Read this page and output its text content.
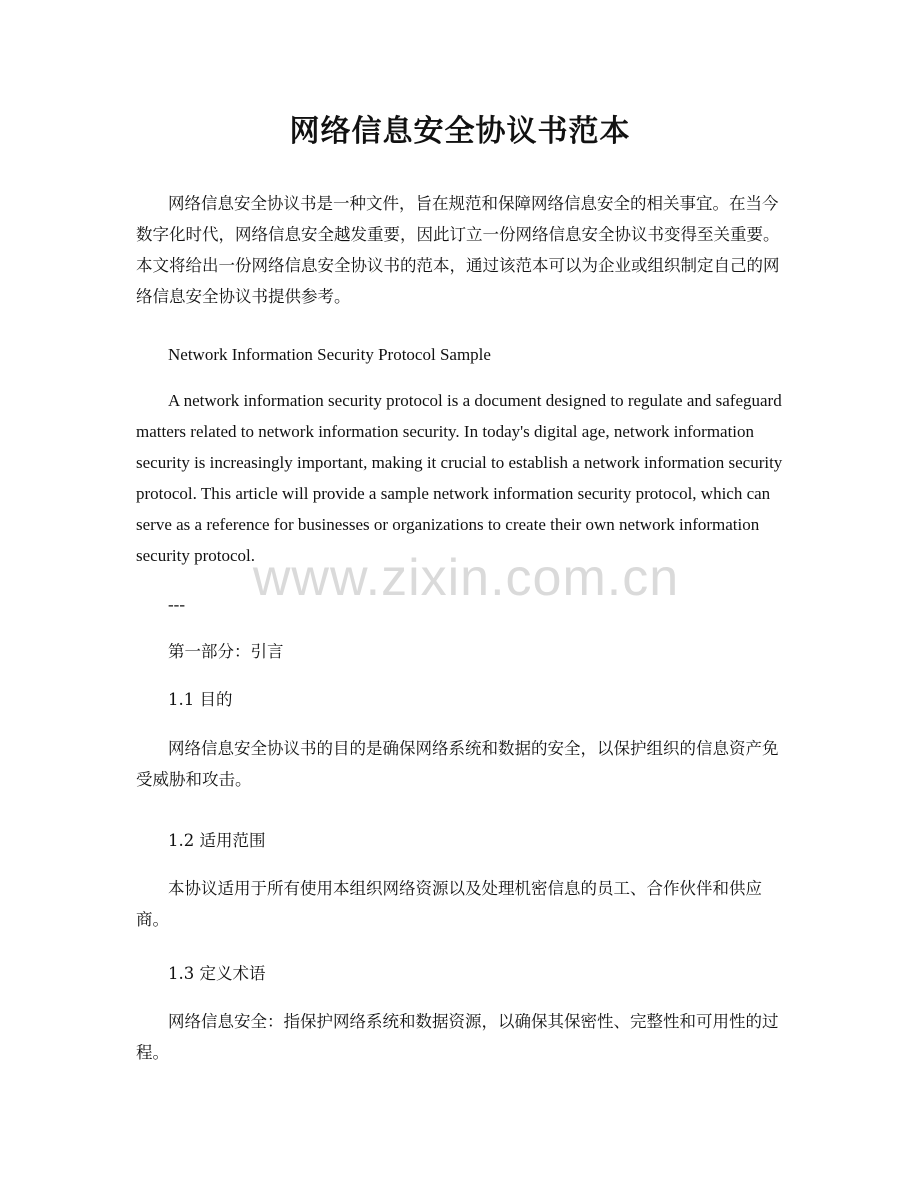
网络信息安全协议书范本

网络信息安全协议书是一种文件，旨在规范和保障网络信息安全的相关事宜。在当今数字化时代，网络信息安全越发重要，因此订立一份网络信息安全协议书变得至关重要。本文将给出一份网络信息安全协议书的范本，通过该范本可以为企业或组织制定自己的网络信息安全协议书提供参考。

Network Information Security Protocol Sample

A network information security protocol is a document designed to regulate and safeguard matters related to network information security. In today's digital age, network information security is increasingly important, making it crucial to establish a network information security protocol. This article will provide a sample network information security protocol, which can serve as a reference for businesses or organizations to create their own network information security protocol.

www.zixin.com.cn

---

第一部分：引言

1.1 目的

网络信息安全协议书的目的是确保网络系统和数据的安全，以保护组织的信息资产免受威胁和攻击。

1.2 适用范围

本协议适用于所有使用本组织网络资源以及处理机密信息的员工、合作伙伴和供应商。

1.3 定义术语

网络信息安全：指保护网络系统和数据资源，以确保其保密性、完整性和可用性的过程。
